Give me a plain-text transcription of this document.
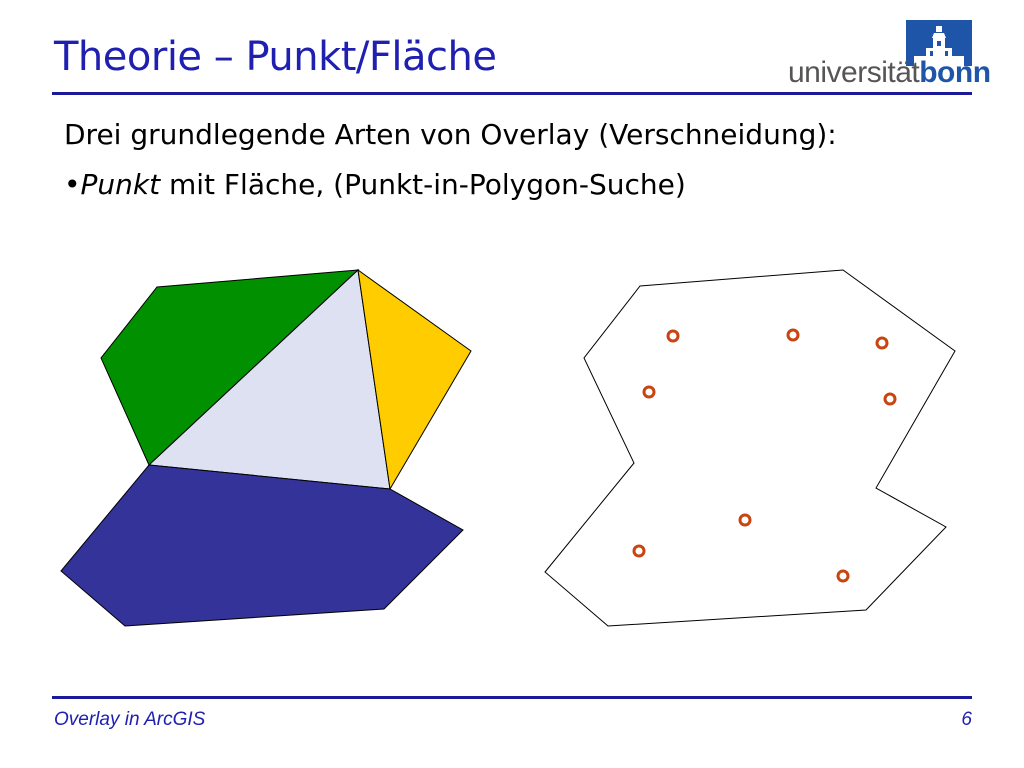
Theorie – Punkt/Fläche	universitätbonn

Drei grundlegende Arten von Overlay (Verschneidung):

•Punkt mit Fläche, (Punkt-in-Polygon-Suche)

Overlay in ArcGIS	6
